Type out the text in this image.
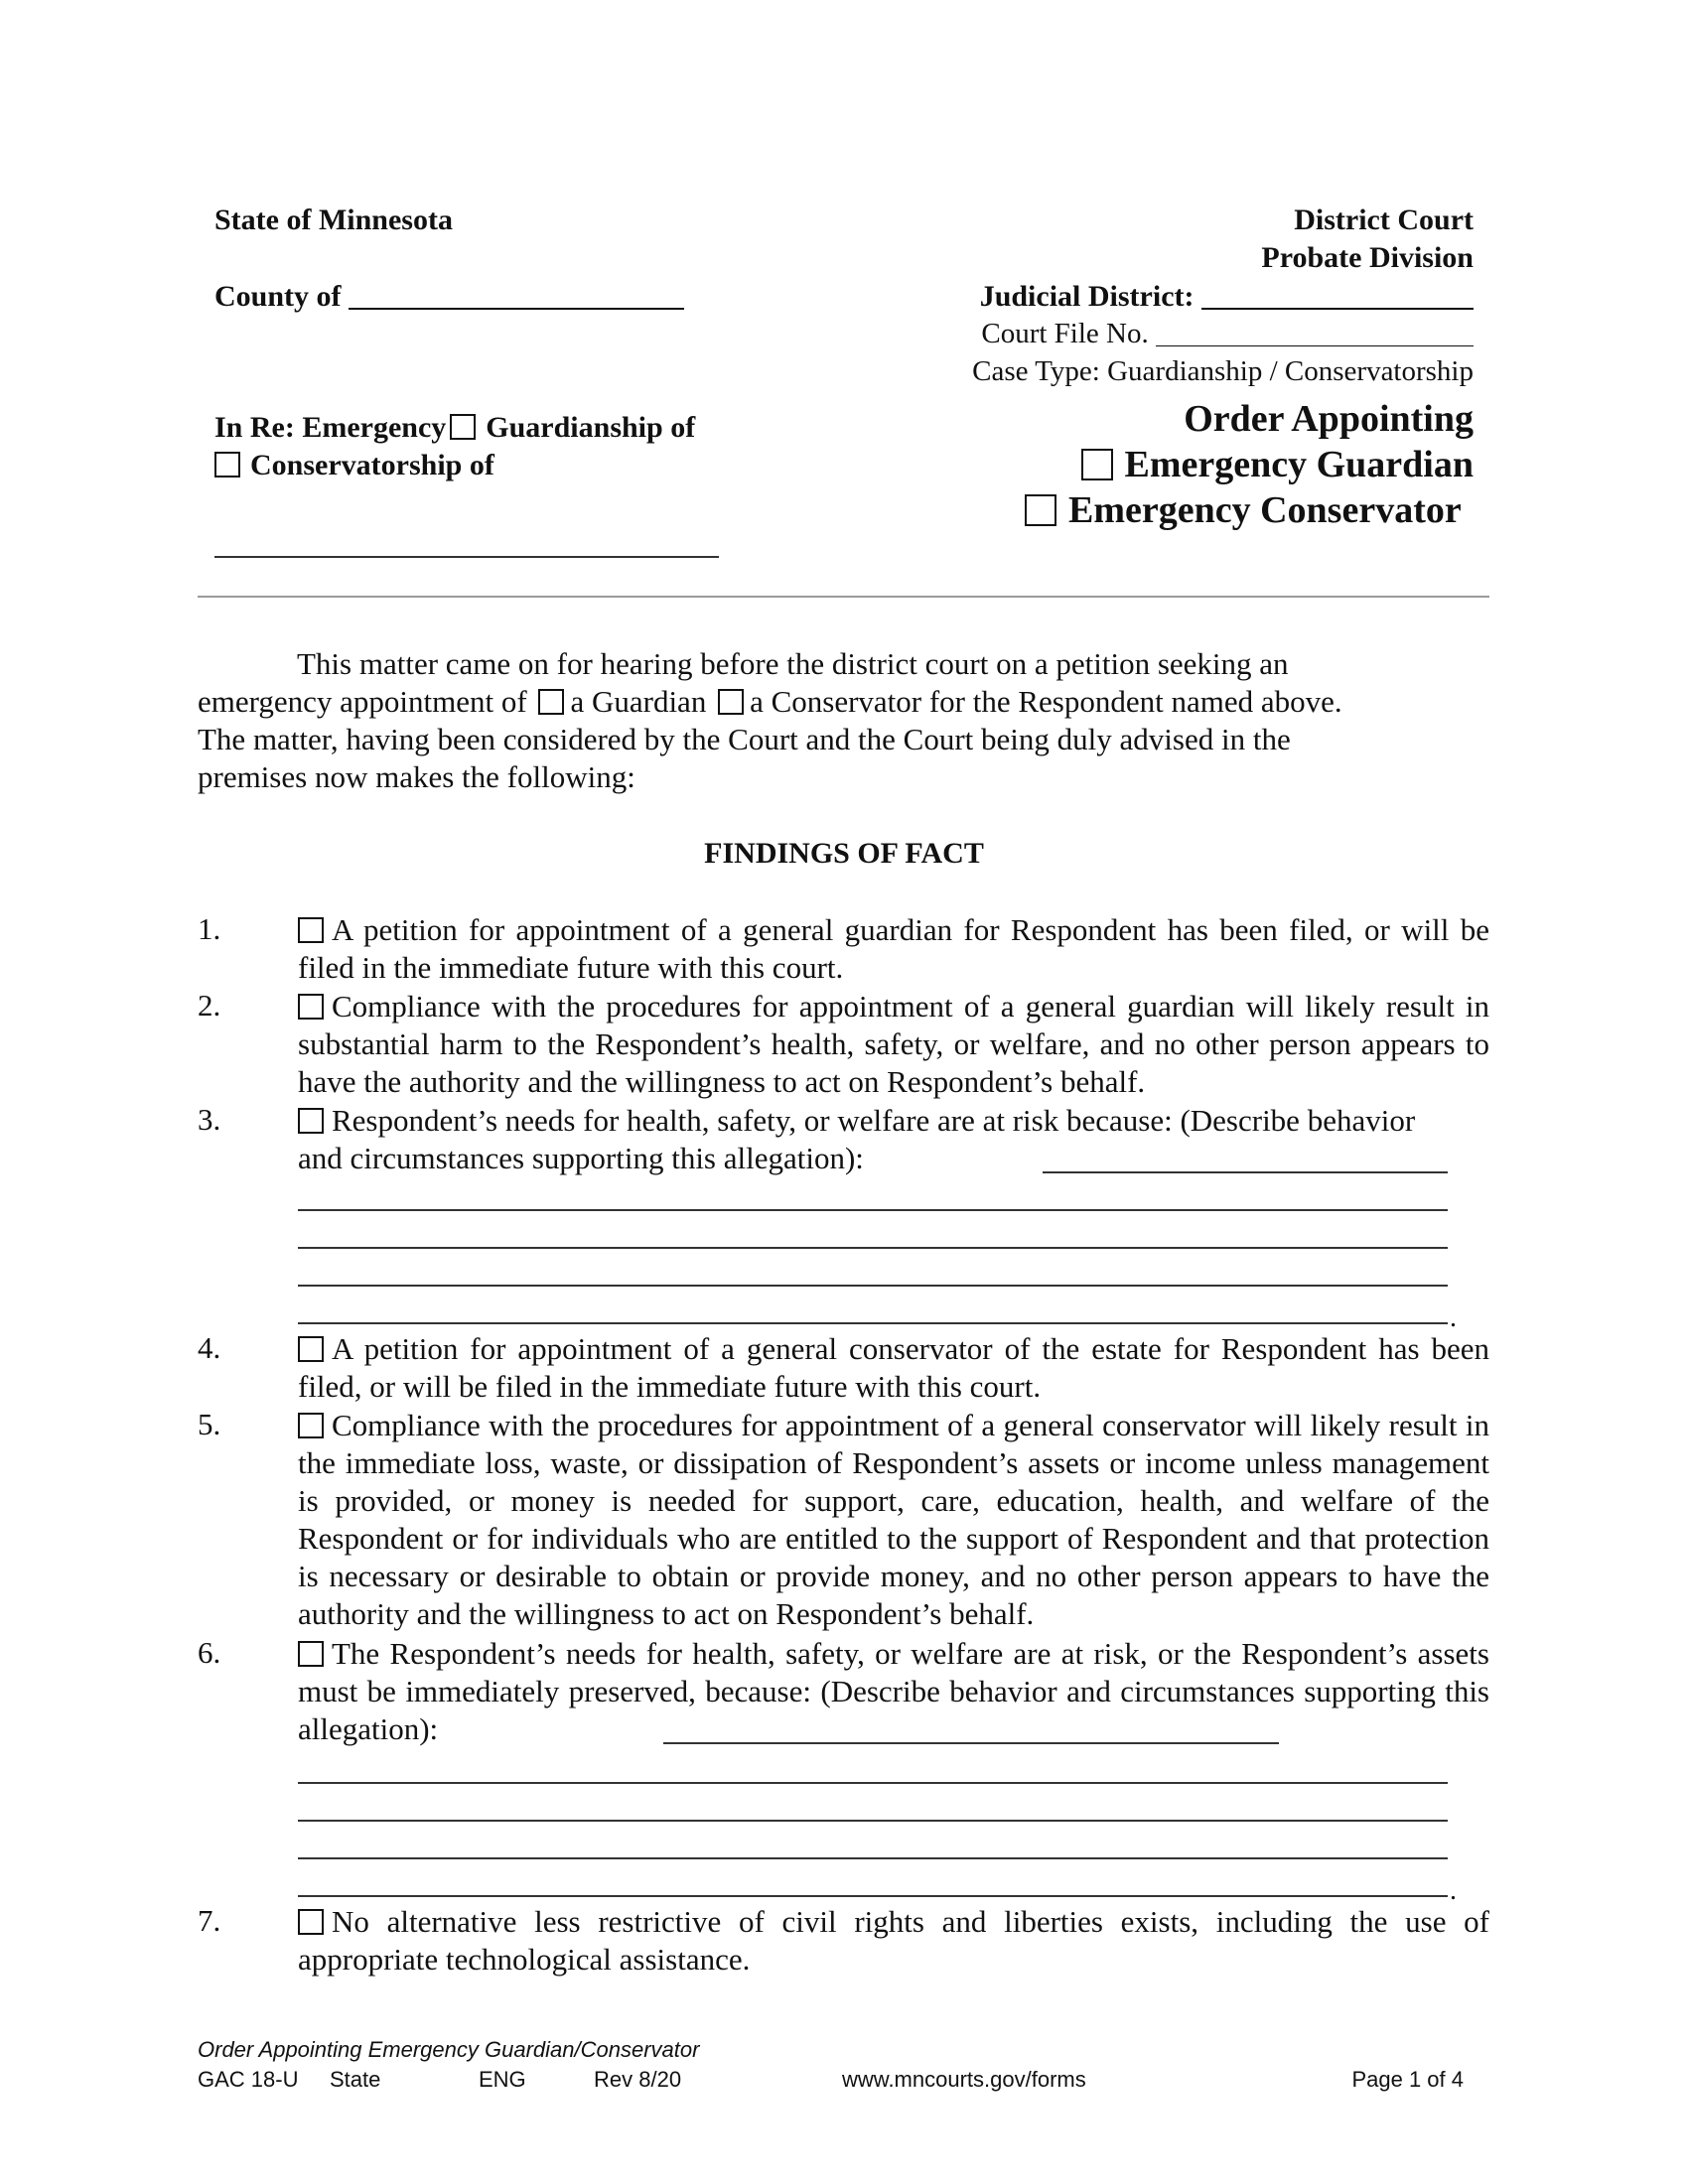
State of Minnesota
County of
District Court
Probate Division
Judicial District:
Court File No.
Case Type: Guardianship / Conservatorship
In Re: Emergency Guardianship of
Conservatorship of
Order Appointing
Emergency Guardian
Emergency Conservator
This matter came on for hearing before the district court on a petition seeking an
emergency appointment of a Guardian a Conservator for the Respondent named above.
The matter, having been considered by the Court and the Court being duly advised in the
premises now makes the following:
FINDINGS OF FACT
1.	A petition for appointment of a general guardian for Respondent has been filed, or will be filed in the immediate future with this court.
2.	Compliance with the procedures for appointment of a general guardian will likely result in substantial harm to the Respondent’s health, safety, or welfare, and no other person appears to have the authority and the willingness to act on Respondent’s behalf.
3.	Respondent’s needs for health, safety, or welfare are at risk because: (Describe behavior and circumstances supporting this allegation):
.
4.	A petition for appointment of a general conservator of the estate for Respondent has been filed, or will be filed in the immediate future with this court.
5.	Compliance with the procedures for appointment of a general conservator will likely result in the immediate loss, waste, or dissipation of Respondent’s assets or income unless management is provided, or money is needed for support, care, education, health, and welfare of the Respondent or for individuals who are entitled to the support of Respondent and that protection is necessary or desirable to obtain or provide money, and no other person appears to have the authority and the willingness to act on Respondent’s behalf.
6.	The Respondent’s needs for health, safety, or welfare are at risk, or the Respondent’s assets must be immediately preserved, because: (Describe behavior and circumstances supporting this allegation):
.
7.	No alternative less restrictive of civil rights and liberties exists, including the use of appropriate technological assistance.
Order Appointing Emergency Guardian/Conservator
GAC 18-U State	ENG	Rev 8/20	www.mncourts.gov/forms	Page 1 of 4
